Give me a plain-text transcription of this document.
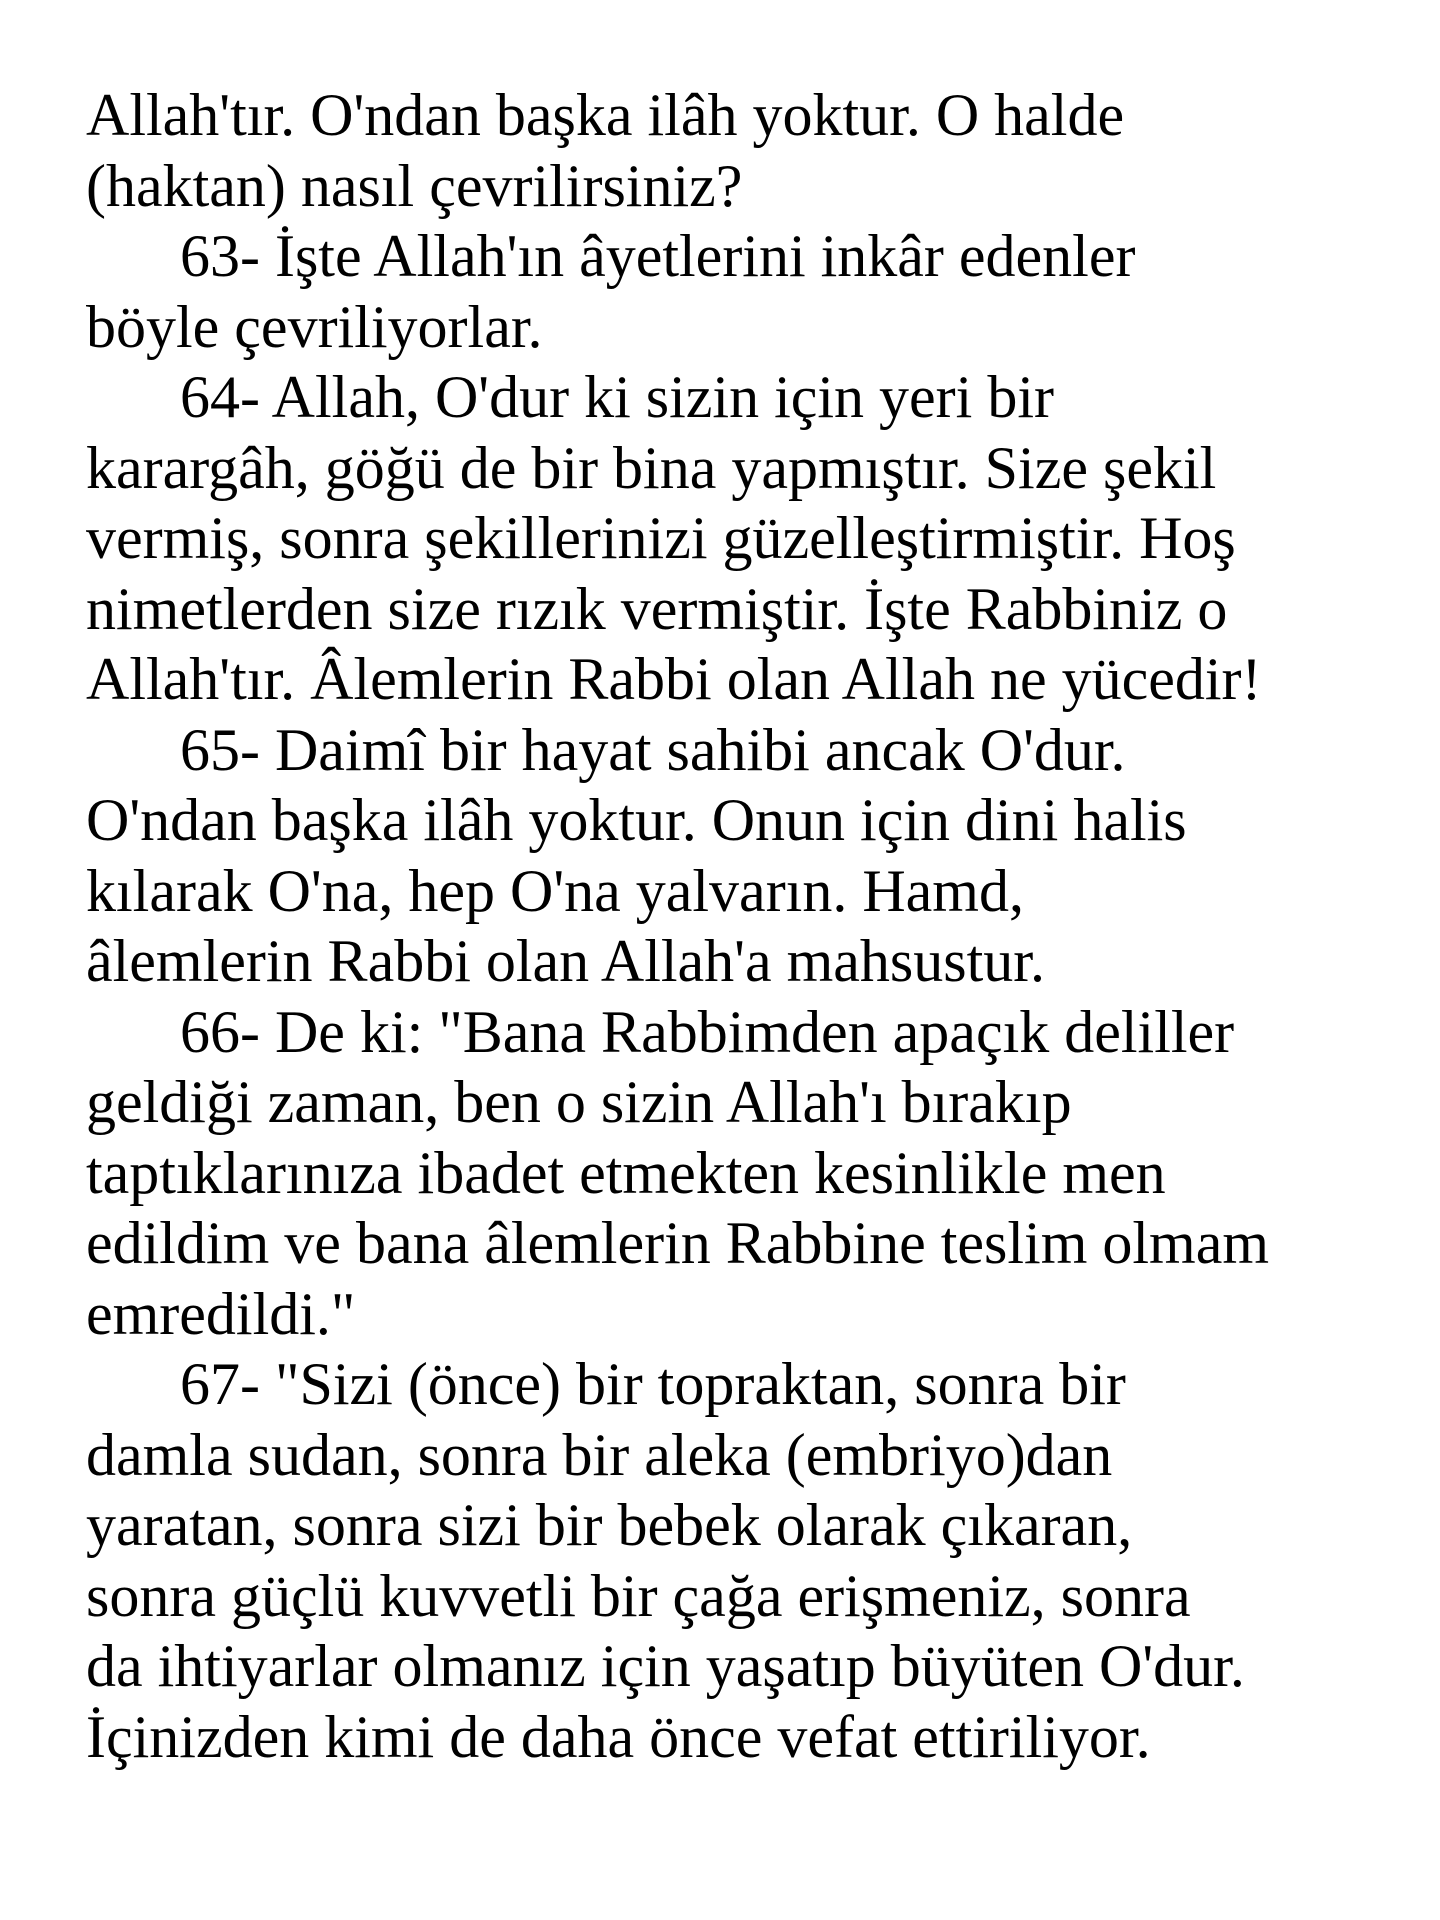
Allah'tır. O'ndan başka ilâh yoktur. O halde
(haktan) nasıl çevrilirsiniz?
63- İşte Allah'ın âyetlerini inkâr edenler
böyle çevriliyorlar.
64- Allah, O'dur ki sizin için yeri bir
karargâh, göğü de bir bina yapmıştır. Size şekil
vermiş, sonra şekillerinizi güzelleştirmiştir. Hoş
nimetlerden size rızık vermiştir. İşte Rabbiniz o
Allah'tır. Âlemlerin Rabbi olan Allah ne yücedir!
65- Daimî bir hayat sahibi ancak O'dur.
O'ndan başka ilâh yoktur. Onun için dini halis
kılarak O'na, hep O'na yalvarın. Hamd,
âlemlerin Rabbi olan Allah'a mahsustur.
66- De ki: "Bana Rabbimden apaçık deliller
geldiği zaman, ben o sizin Allah'ı bırakıp
taptıklarınıza ibadet etmekten kesinlikle men
edildim ve bana âlemlerin Rabbine teslim olmam
emredildi."
67- "Sizi (önce) bir topraktan, sonra bir
damla sudan, sonra bir aleka (embriyo)dan
yaratan, sonra sizi bir bebek olarak çıkaran,
sonra güçlü kuvvetli bir çağa erişmeniz, sonra
da ihtiyarlar olmanız için yaşatıp büyüten O'dur.
İçinizden kimi de daha önce vefat ettiriliyor.
